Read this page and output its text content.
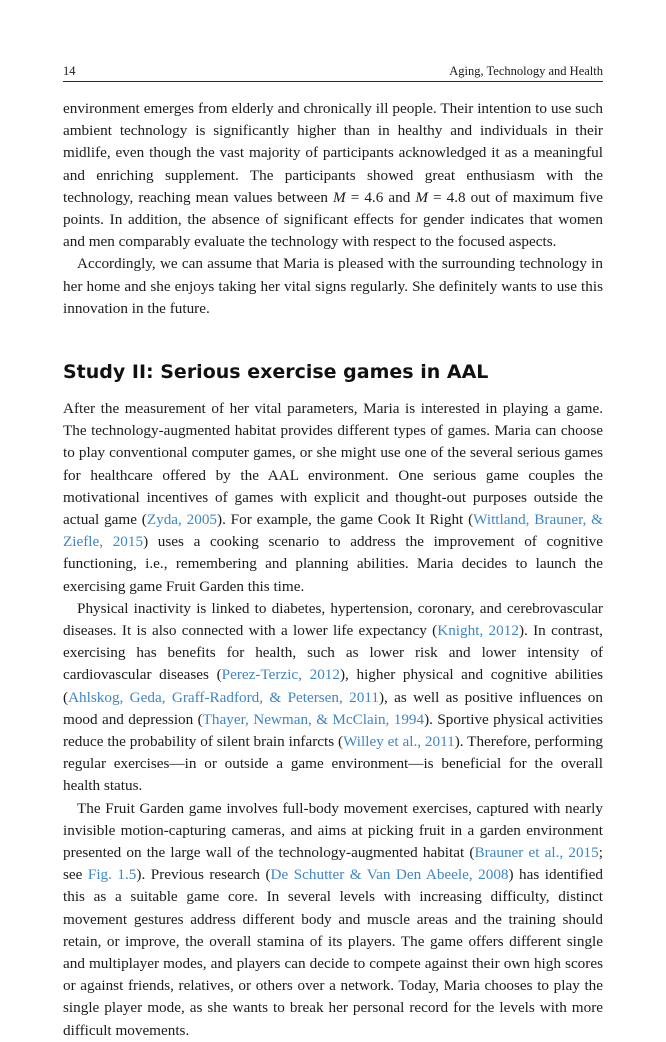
14	Aging, Technology and Health

environment emerges from elderly and chronically ill people. Their intention to use such ambient technology is significantly higher than in healthy and individuals in their midlife, even though the vast majority of participants acknowledged it as a meaningful and enriching supplement. The participants showed great enthusiasm with the technology, reaching mean values between M = 4.6 and M = 4.8 out of maximum five points. In addition, the absence of significant effects for gender indicates that women and men comparably evaluate the technology with respect to the focused aspects.

Accordingly, we can assume that Maria is pleased with the surrounding technology in her home and she enjoys taking her vital signs regularly. She definitely wants to use this innovation in the future.

Study II: Serious exercise games in AAL

After the measurement of her vital parameters, Maria is interested in playing a game. The technology-augmented habitat provides different types of games. Maria can choose to play conventional computer games, or she might use one of the several serious games for healthcare offered by the AAL environment. One serious game couples the motivational incentives of games with explicit and thought-out purposes outside the actual game (Zyda, 2005). For example, the game Cook It Right (Wittland, Brauner, & Ziefle, 2015) uses a cooking scenario to address the improvement of cognitive functioning, i.e., remembering and planning abilities. Maria decides to launch the exercising game Fruit Garden this time.

Physical inactivity is linked to diabetes, hypertension, coronary, and cerebrovascular diseases. It is also connected with a lower life expectancy (Knight, 2012). In contrast, exercising has benefits for health, such as lower risk and lower intensity of cardiovascular diseases (Perez-Terzic, 2012), higher physical and cognitive abilities (Ahlskog, Geda, Graff-Radford, & Petersen, 2011), as well as positive influences on mood and depression (Thayer, Newman, & McClain, 1994). Sportive physical activities reduce the probability of silent brain infarcts (Willey et al., 2011). Therefore, performing regular exercises—in or outside a game environment—is beneficial for the overall health status.

The Fruit Garden game involves full-body movement exercises, captured with nearly invisible motion-capturing cameras, and aims at picking fruit in a garden environment presented on the large wall of the technology-augmented habitat (Brauner et al., 2015; see Fig. 1.5). Previous research (De Schutter & Van Den Abeele, 2008) has identified this as a suitable game core. In several levels with increasing difficulty, distinct movement gestures address different body and muscle areas and the training should retain, or improve, the overall stamina of its players. The game offers different single and multiplayer modes, and players can decide to compete against their own high scores or against friends, relatives, or others over a network. Today, Maria chooses to play the single player mode, as she wants to break her personal record for the levels with more difficult movements.
